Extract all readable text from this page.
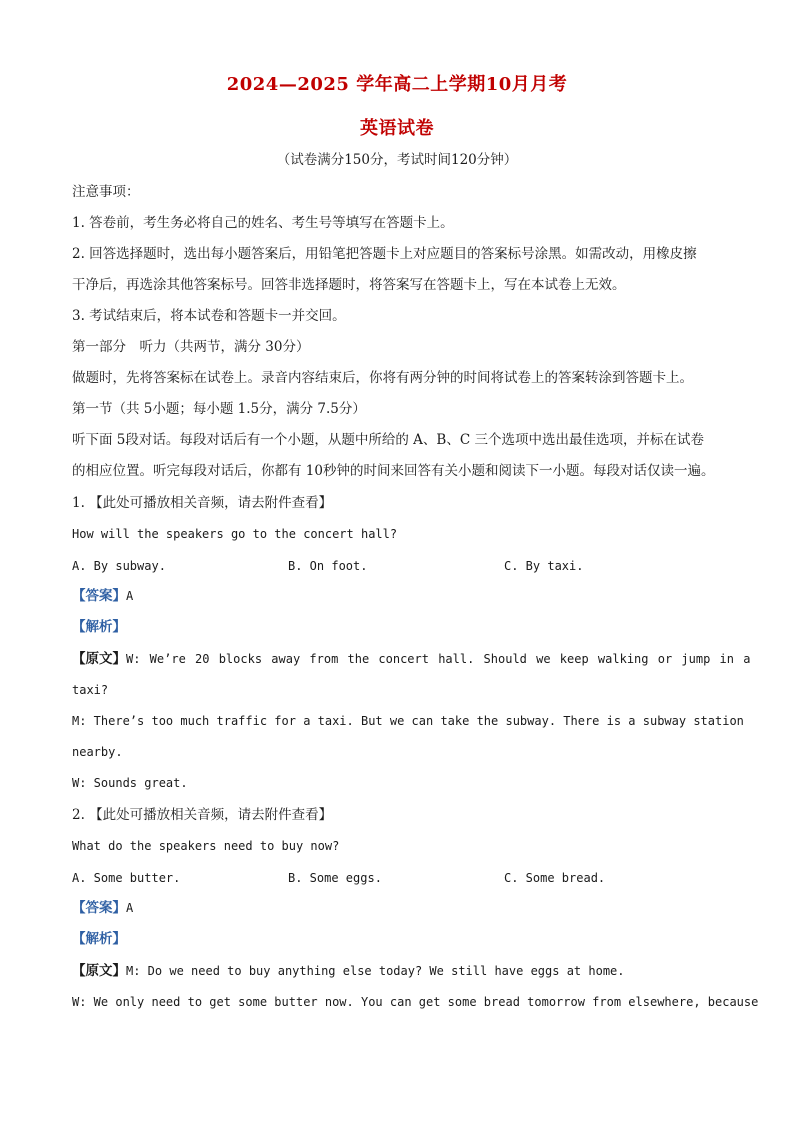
2024—2025 学年高二上学期10月月考
英语试卷
（试卷满分150分，考试时间120分钟）
注意事项：
1. 答卷前，考生务必将自己的姓名、考生号等填写在答题卡上。
2. 回答选择题时，选出每小题答案后，用铅笔把答题卡上对应题目的答案标号涂黑。如需改动，用橡皮擦
干净后，再选涂其他答案标号。回答非选择题时，将答案写在答题卡上，写在本试卷上无效。
3. 考试结束后，将本试卷和答题卡一并交回。
第一部分　听力（共两节，满分 30分）
做题时，先将答案标在试卷上。录音内容结束后，你将有两分钟的时间将试卷上的答案转涂到答题卡上。
第一节（共 5小题；每小题 1.5分，满分 7.5分）
听下面 5段对话。每段对话后有一个小题，从题中所给的 A、B、C 三个选项中选出最佳选项，并标在试卷
的相应位置。听完每段对话后，你都有 10秒钟的时间来回答有关小题和阅读下一小题。每段对话仅读一遍。
1. 【此处可播放相关音频，请去附件查看】
How will the speakers go to the concert hall?
A. By subway.	B. On foot.	C. By taxi.
【答案】A
【解析】
【原文】W: We’re 20 blocks away from the concert hall. Should we keep walking or jump in a
taxi?
M: There’s too much traffic for a taxi. But we can take the subway. There is a subway station
nearby.
W: Sounds great.
2. 【此处可播放相关音频，请去附件查看】
What do the speakers need to buy now?
A. Some butter.	B. Some eggs.	C. Some bread.
【答案】A
【解析】
【原文】M: Do we need to buy anything else today? We still have eggs at home.
W: We only need to get some butter now. You can get some bread tomorrow from elsewhere, because
